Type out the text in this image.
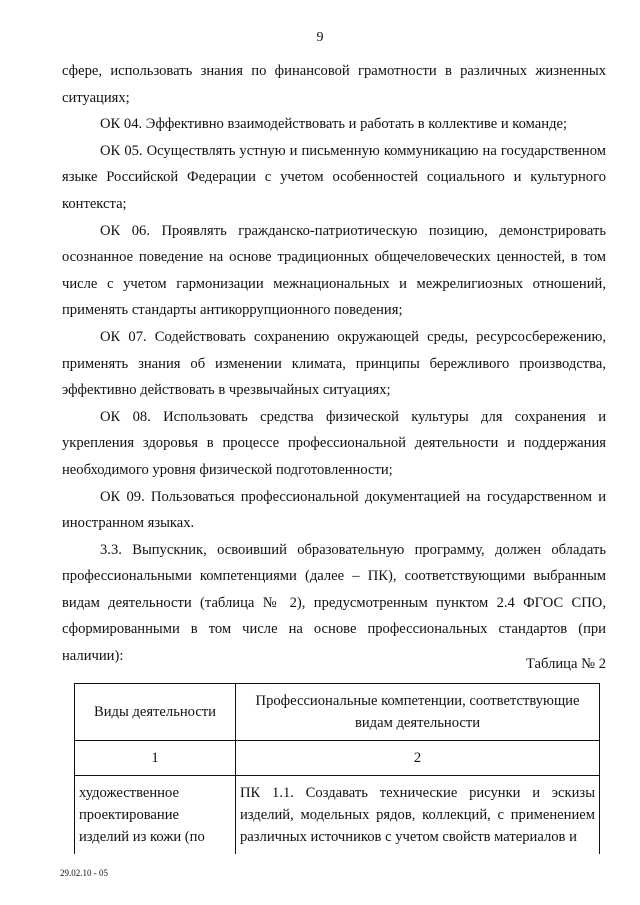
9

сфере, использовать знания по финансовой грамотности в различных жизненных ситуациях;

ОК 04. Эффективно взаимодействовать и работать в коллективе и команде;

ОК 05. Осуществлять устную и письменную коммуникацию на государственном языке Российской Федерации с учетом особенностей социального и культурного контекста;

ОК 06. Проявлять гражданско-патриотическую позицию, демонстрировать осознанное поведение на основе традиционных общечеловеческих ценностей, в том числе с учетом гармонизации межнациональных и межрелигиозных отношений, применять стандарты антикоррупционного поведения;

ОК 07. Содействовать сохранению окружающей среды, ресурсосбережению, применять знания об изменении климата, принципы бережливого производства, эффективно действовать в чрезвычайных ситуациях;

ОК 08. Использовать средства физической культуры для сохранения и укрепления здоровья в процессе профессиональной деятельности и поддержания необходимого уровня физической подготовленности;

ОК 09. Пользоваться профессиональной документацией на государственном и иностранном языках.

3.3. Выпускник, освоивший образовательную программу, должен обладать профессиональными компетенциями (далее – ПК), соответствующими выбранным видам деятельности (таблица № 2), предусмотренным пунктом 2.4 ФГОС СПО, сформированными в том числе на основе профессиональных стандартов (при наличии):	Таблица № 2
Виды деятельности	Профессиональные компетенции, соответствующие видам деятельности
1	2
художественное проектирование изделий из кожи (по	ПК 1.1. Создавать технические рисунки и эскизы изделий, модельных рядов, коллекций, с применением различных источников с учетом свойств материалов и
29.02.10 - 05
